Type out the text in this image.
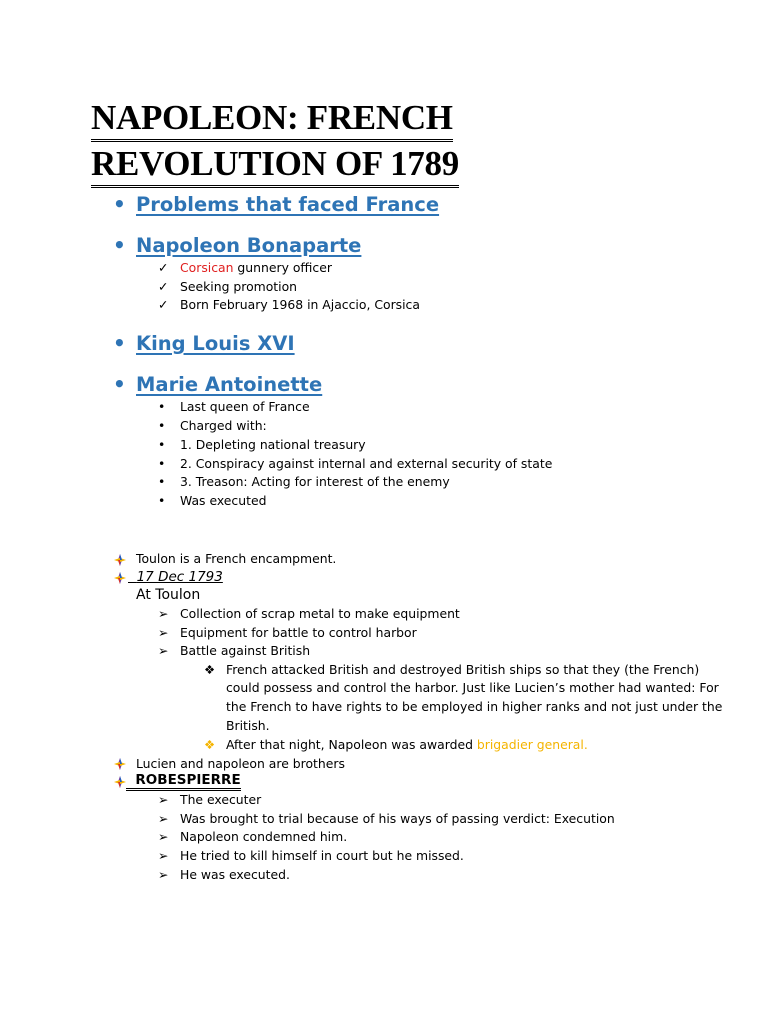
NAPOLEON: FRENCH
REVOLUTION OF 1789
• Problems that faced France
• Napoleon Bonaparte
✓ Corsican gunnery officer
✓ Seeking promotion
✓ Born February 1968 in Ajaccio, Corsica
• King Louis XVI
• Marie Antoinette
• Last queen of France
• Charged with:
• 1. Depleting national treasury
• 2. Conspiracy against internal and external security of state
• 3. Treason: Acting for interest of the enemy
• Was executed
Toulon is a French encampment.
17 Dec 1793
At Toulon
➢ Collection of scrap metal to make equipment
➢ Equipment for battle to control harbor
➢ Battle against British
❖ French attacked British and destroyed British ships so that they (the French)
could possess and control the harbor. Just like Lucien’s mother had wanted: For
the French to have rights to be employed in higher ranks and not just under the
British.
❖ After that night, Napoleon was awarded brigadier general.
Lucien and napoleon are brothers
ROBESPIERRE
➢ The executer
➢ Was brought to trial because of his ways of passing verdict: Execution
➢ Napoleon condemned him.
➢ He tried to kill himself in court but he missed.
➢ He was executed.
